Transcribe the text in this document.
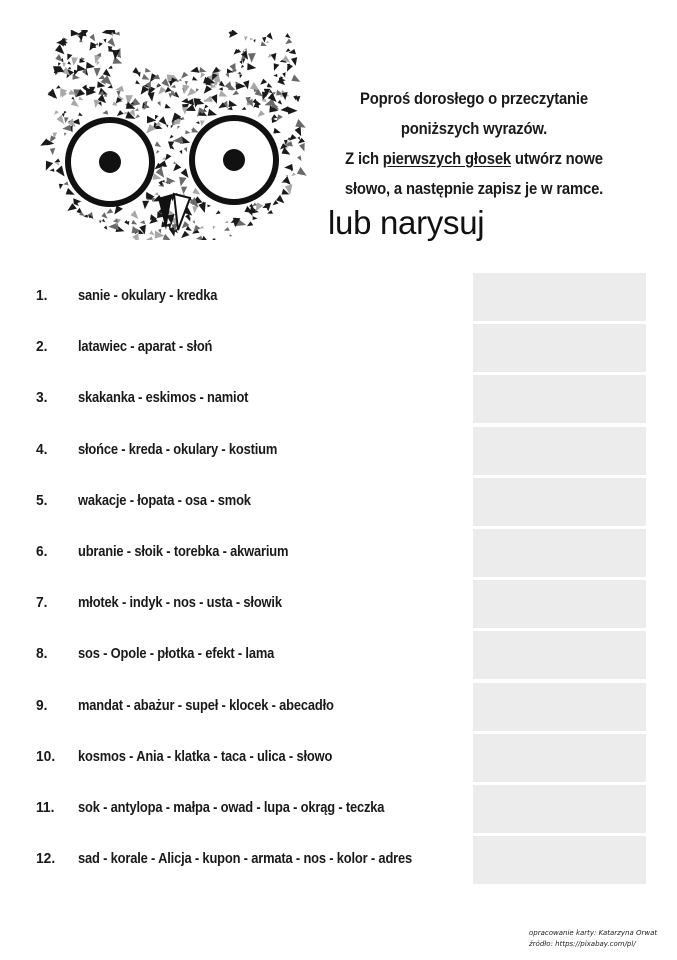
Poproś dorosłego o przeczytanie
poniższych wyrazów.
Z ich pierwszych głosek utwórz nowe
słowo, a następnie zapisz je w ramce.
lub narysuj
1. sanie - okulary - kredka
2. latawiec - aparat - słoń
3. skakanka - eskimos - namiot
4. słońce - kreda - okulary - kostium
5. wakacje - łopata - osa - smok
6. ubranie - słoik - torebka - akwarium
7. młotek - indyk - nos - usta - słowik
8. sos - Opole - płotka - efekt - lama
9. mandat - abażur - supeł - klocek - abecadło
10. kosmos - Ania - klatka - taca - ulica - słowo
11. sok - antylopa - małpa - owad - lupa - okrąg - teczka
12. sad - korale - Alicja - kupon - armata - nos - kolor - adres
opracowanie karty: Katarzyna Orwat
źródło: https://pixabay.com/pl/
